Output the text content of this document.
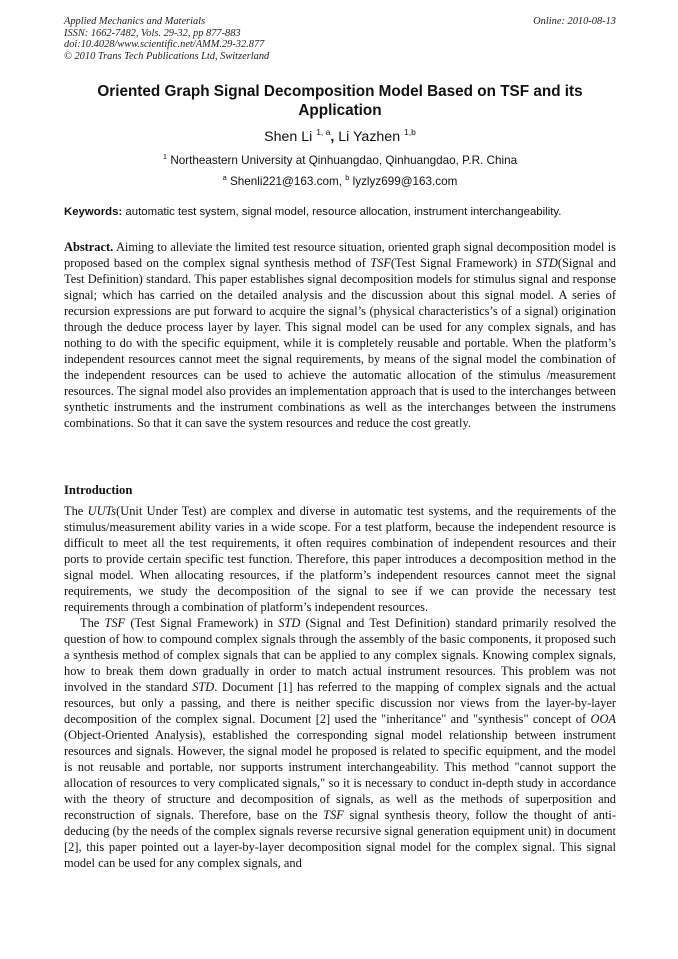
Applied Mechanics and Materials
ISSN: 1662-7482, Vols. 29-32, pp 877-883
doi:10.4028/www.scientific.net/AMM.29-32.877
© 2010 Trans Tech Publications Ltd, Switzerland
Online: 2010-08-13
Oriented Graph Signal Decomposition Model Based on TSF and its Application
Shen Li $^{1, a}$, Li Yazhen $^{1,b}$
$^1$ Northeastern University at Qinhuangdao, Qinhuangdao, P.R. China
$^a$ Shenli221@163.com, $^b$ lyzlyz699@163.com
Keywords: automatic test system, signal model, resource allocation, instrument interchangeability.
Abstract. Aiming to alleviate the limited test resource situation, oriented graph signal decomposition model is proposed based on the complex signal synthesis method of TSF(Test Signal Framework) in STD(Signal and Test Definition) standard. This paper establishes signal decomposition models for stimulus signal and response signal; which has carried on the detailed analysis and the discussion about this signal model. A series of recursion expressions are put forward to acquire the signal’s (physical characteristics’s of a signal) origination through the deduce process layer by layer. This signal model can be used for any complex signals, and has nothing to do with the specific equipment, while it is completely reusable and portable. When the platform’s independent resources cannot meet the signal requirements, by means of the signal model the combination of the independent resources can be used to achieve the automatic allocation of the stimulus /measurement resources. The signal model also provides an implementation approach that is used to the interchanges between synthetic instruments and the instrument combinations as well as the interchanges between the instrumens combinations. So that it can save the system resources and reduce the cost greatly.
Introduction

The UUTs(Unit Under Test) are complex and diverse in automatic test systems, and the requirements of the stimulus/measurement ability varies in a wide scope. For a test platform, because the independent resource is difficult to meet all the test requirements, it often requires combination of independent resources and their ports to provide certain specific test function. Therefore, this paper introduces a decomposition method in the signal model. When allocating resources, if the platform’s independent resources cannot meet the signal requirements, we study the decomposition of the signal to see if we can provide the necessary test requirements through a combination of platform’s independent resources.

The TSF (Test Signal Framework) in STD (Signal and Test Definition) standard primarily resolved the question of how to compound complex signals through the assembly of the basic components, it proposed such a synthesis method of complex signals that can be applied to any complex signals. Knowing complex signals, how to break them down gradually in order to match actual instrument resources. This problem was not involved in the standard STD. Document [1] has referred to the mapping of complex signals and the actual resources, but only a passing, and there is neither specific discussion nor views from the layer-by-layer decomposition of the complex signal. Document [2] used the "inheritance" and "synthesis" concept of OOA (Object-Oriented Analysis), established the corresponding signal model relationship between instrument resources and signals. However, the signal model he proposed is related to specific equipment, and the model is not reusable and portable, nor supports instrument interchangeability. This method "cannot support the allocation of resources to very complicated signals," so it is necessary to conduct in-depth study in accordance with the theory of structure and decomposition of signals, as well as the methods of superposition and reconstruction of signals. Therefore, base on the TSF signal synthesis theory, follow the thought of anti-deducing (by the needs of the complex signals reverse recursive signal generation equipment unit) in document [2], this paper pointed out a layer-by-layer decomposition signal model for the complex signal. This signal model can be used for any complex signals, and
